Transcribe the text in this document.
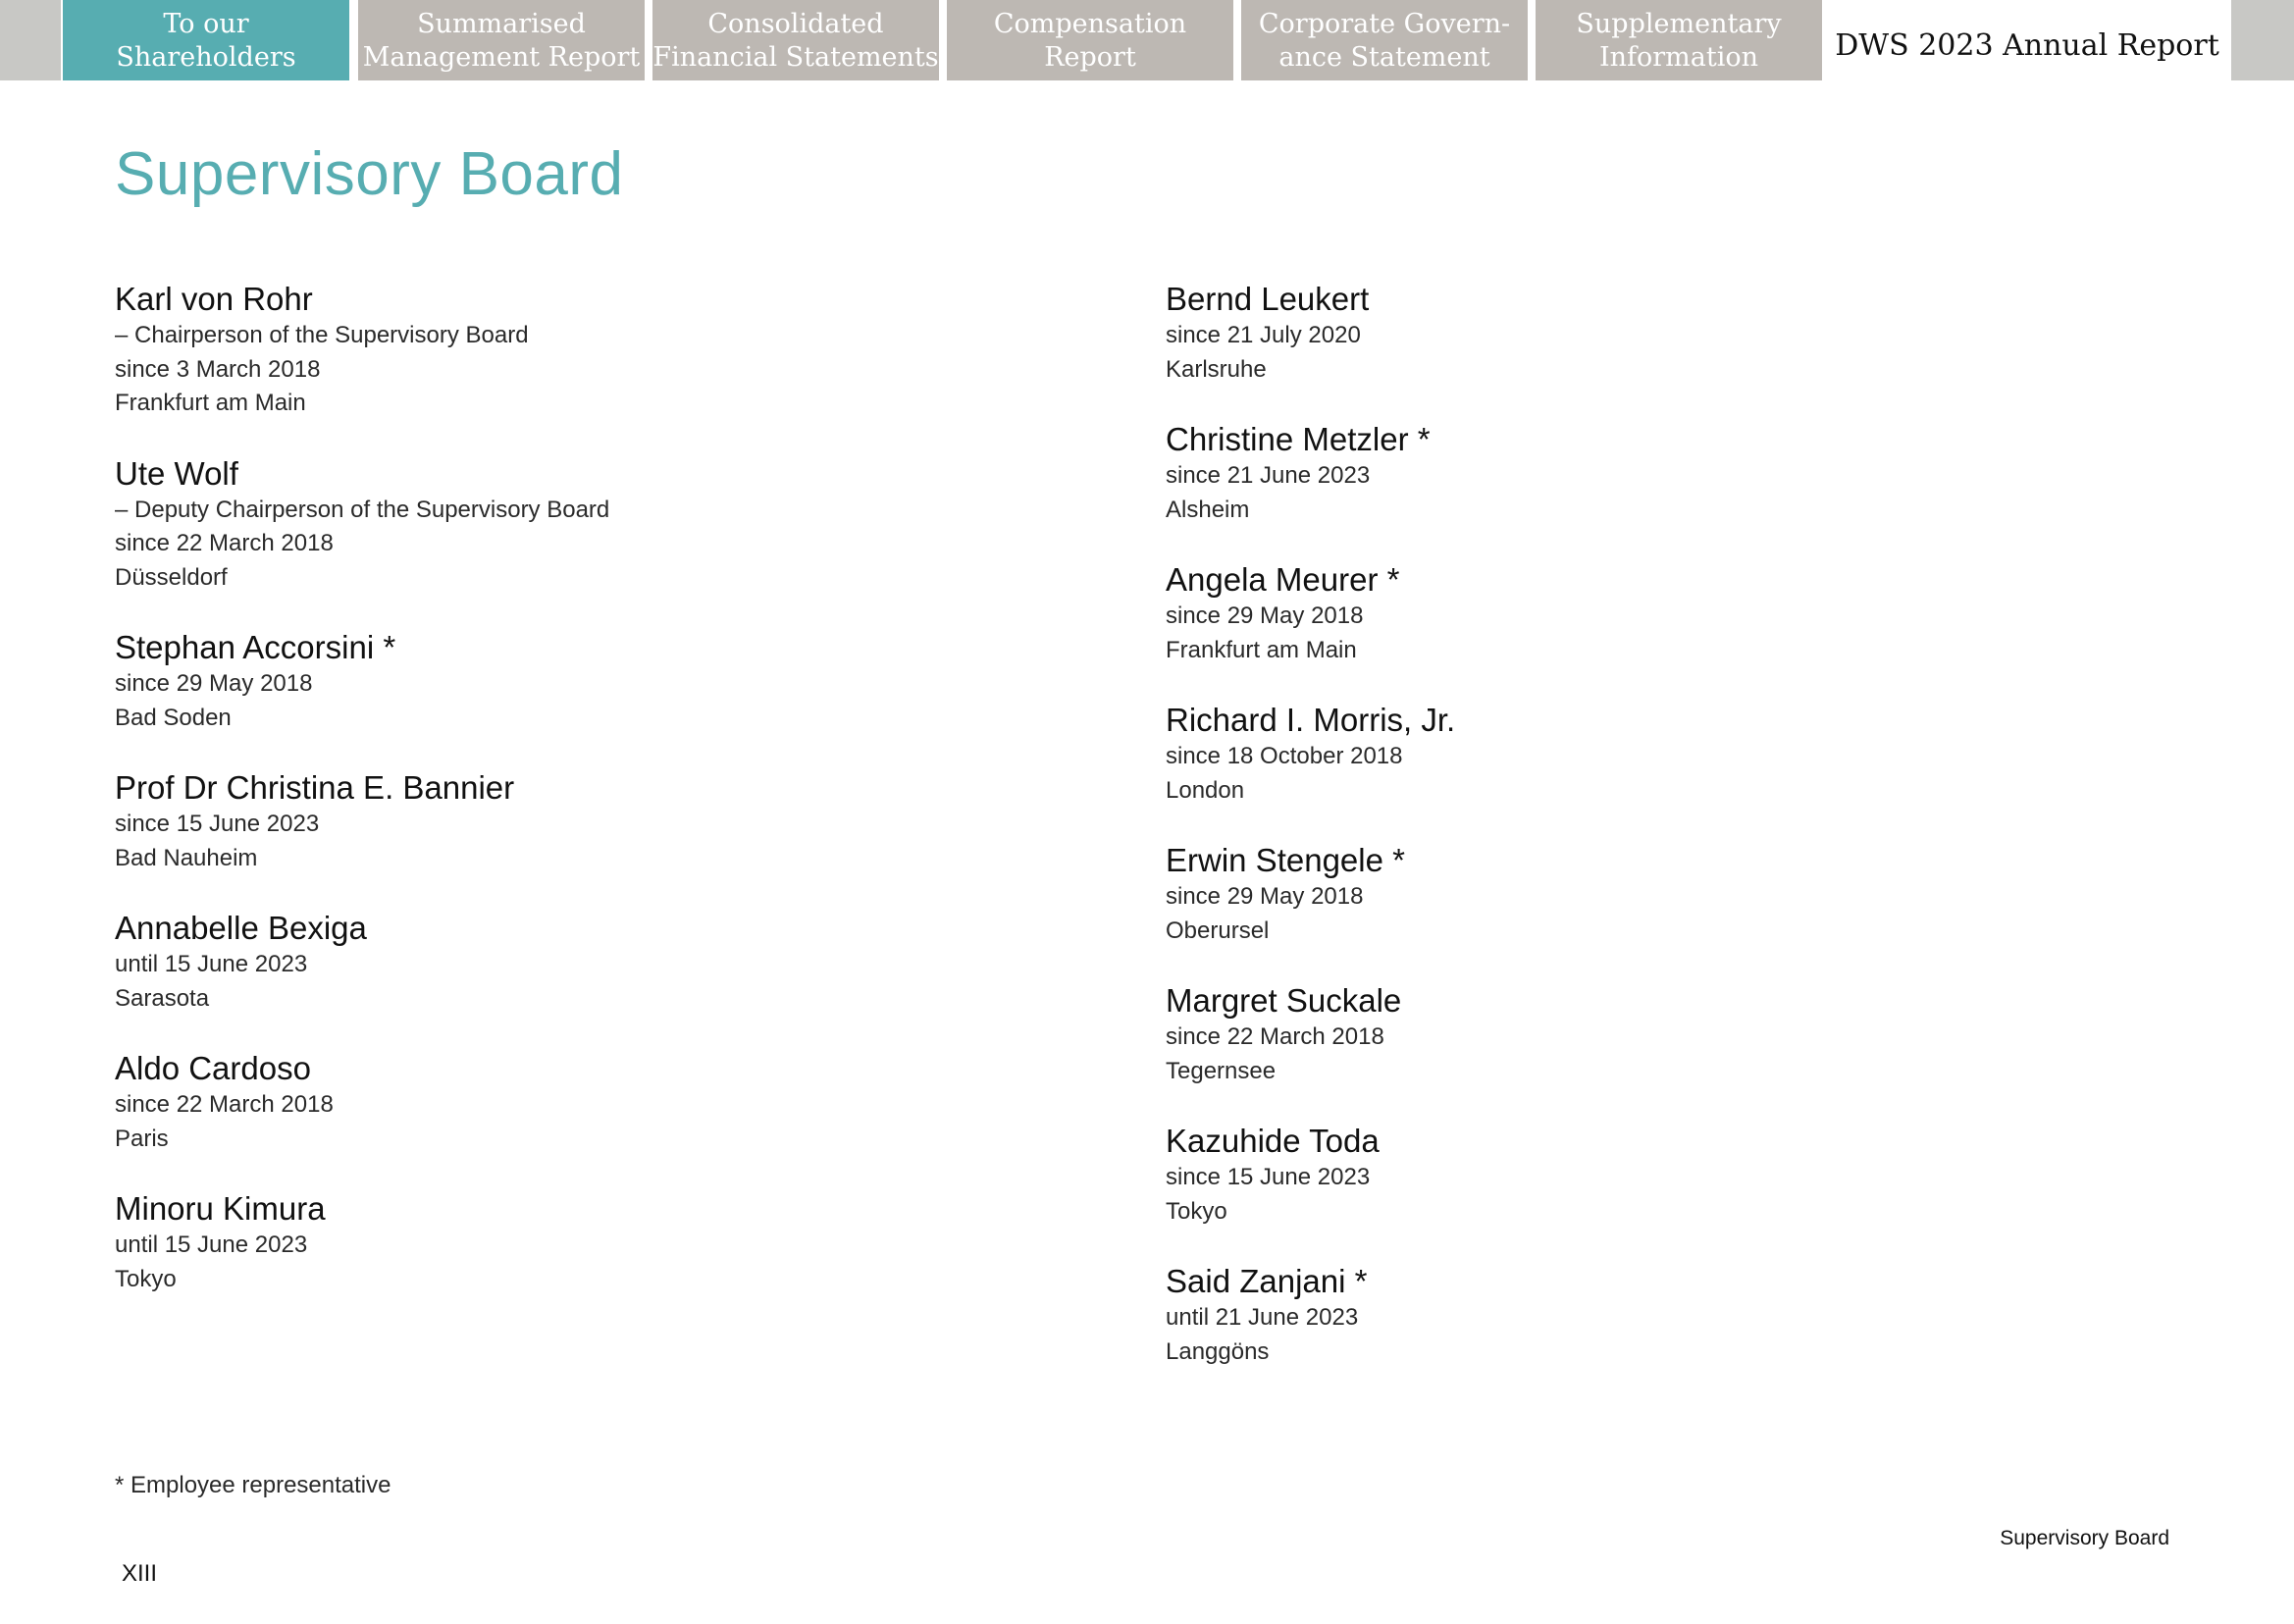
To our
Shareholders
Summarised
Management Report
Consolidated
Financial Statements
Compensation
Report
Corporate Govern-
ance Statement
Supplementary
Information	DWS 2023 Annual Report
Supervisory Board
Karl von Rohr
– Chairperson of the Supervisory Board
since 3 March 2018
Frankfurt am Main
Ute Wolf
– Deputy Chairperson of the Supervisory Board
since 22 March 2018
Düsseldorf
Stephan Accorsini *
since 29 May 2018
Bad Soden
Prof Dr Christina E. Bannier
since 15 June 2023
Bad Nauheim
Annabelle Bexiga
until 15 June 2023
Sarasota
Aldo Cardoso
since 22 March 2018
Paris
Minoru Kimura
until 15 June 2023
Tokyo
Bernd Leukert
since 21 July 2020
Karlsruhe
Christine Metzler *
since 21 June 2023
Alsheim
Angela Meurer *
since 29 May 2018
Frankfurt am Main
Richard I. Morris, Jr.
since 18 October 2018
London
Erwin Stengele *
since 29 May 2018
Oberursel
Margret Suckale
since 22 March 2018
Tegernsee
Kazuhide Toda
since 15 June 2023
Tokyo
Said Zanjani *
until 21 June 2023
Langgöns
* Employee representative
XIII
Supervisory Board
